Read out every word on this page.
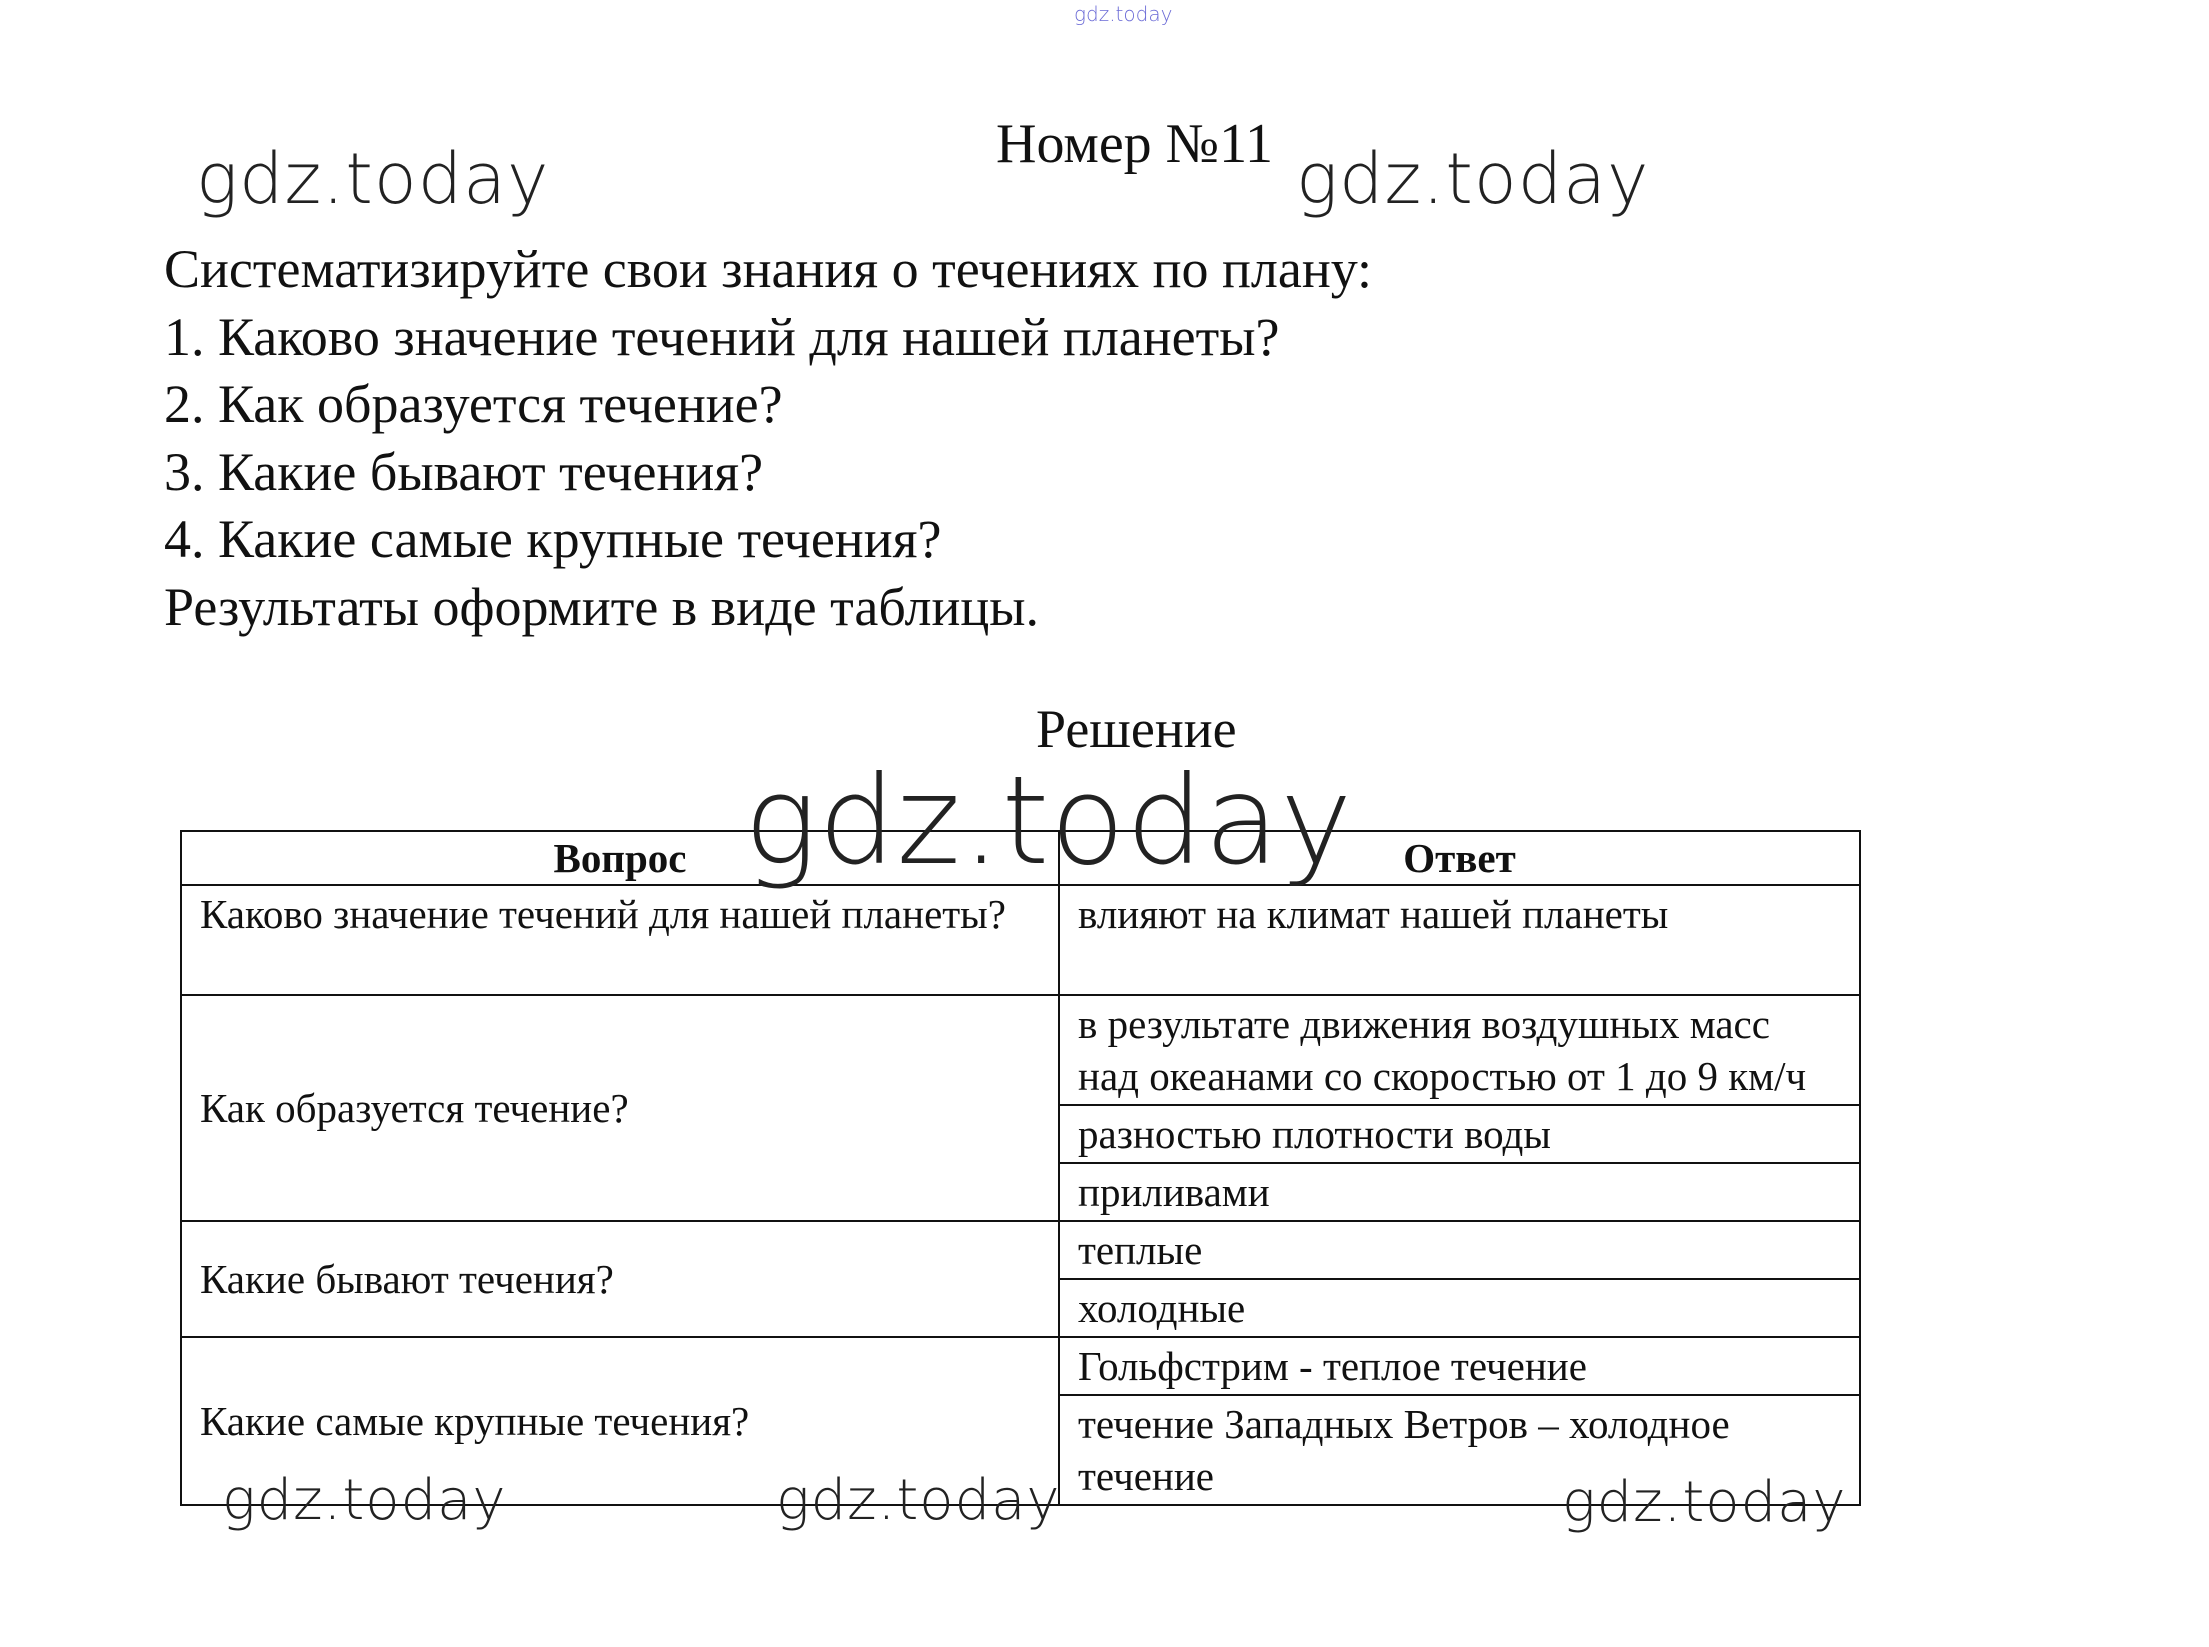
gdz.today
Номер №11
gdz.today	gdz.today
Систематизируйте свои знания о течениях по плану:
1. Каково значение течений для нашей планеты?
2. Как образуется течение?
3. Какие бывают течения?
4. Какие самые крупные течения?
Результаты оформите в виде таблицы.
Решение
Вопрос	Ответ
Каково значение течений для нашей планеты?	влияют на климат нашей планеты
Как образуется течение?	в результате движения воздушных масс над океанами со скоростью от 1 до 9 км/ч
	разностью плотности воды
	приливами
Какие бывают течения?	теплые
	холодные
Какие самые крупные течения?	Гольфстрим - теплое течение
	течение Западных Ветров – холодное течение
gdz.today
gdz.today	gdz.today	gdz.today
